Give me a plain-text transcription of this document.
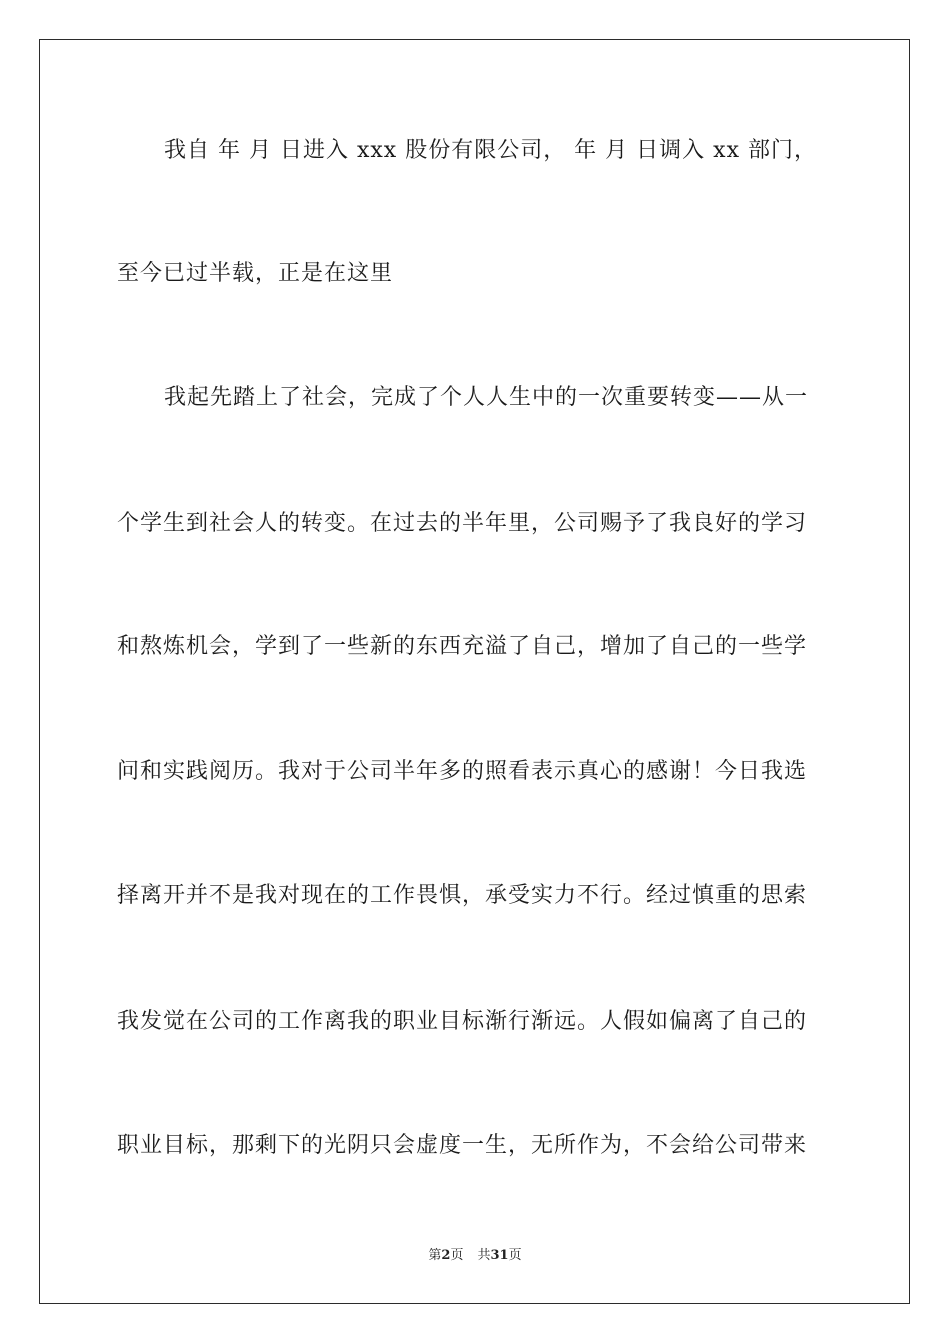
我自 年 月 日进入 xxx 股份有限公司， 年 月 日调入 xx 部门，
至今已过半载，正是在这里
我起先踏上了社会，完成了个人人生中的一次重要转变——从一
个学生到社会人的转变。在过去的半年里，公司赐予了我良好的学习
和熬炼机会，学到了一些新的东西充溢了自己，增加了自己的一些学
问和实践阅历。我对于公司半年多的照看表示真心的感谢！今日我选
择离开并不是我对现在的工作畏惧，承受实力不行。经过慎重的思索
我发觉在公司的工作离我的职业目标渐行渐远。人假如偏离了自己的
职业目标，那剩下的光阴只会虚度一生，无所作为，不会给公司带来
第2页 共31页
